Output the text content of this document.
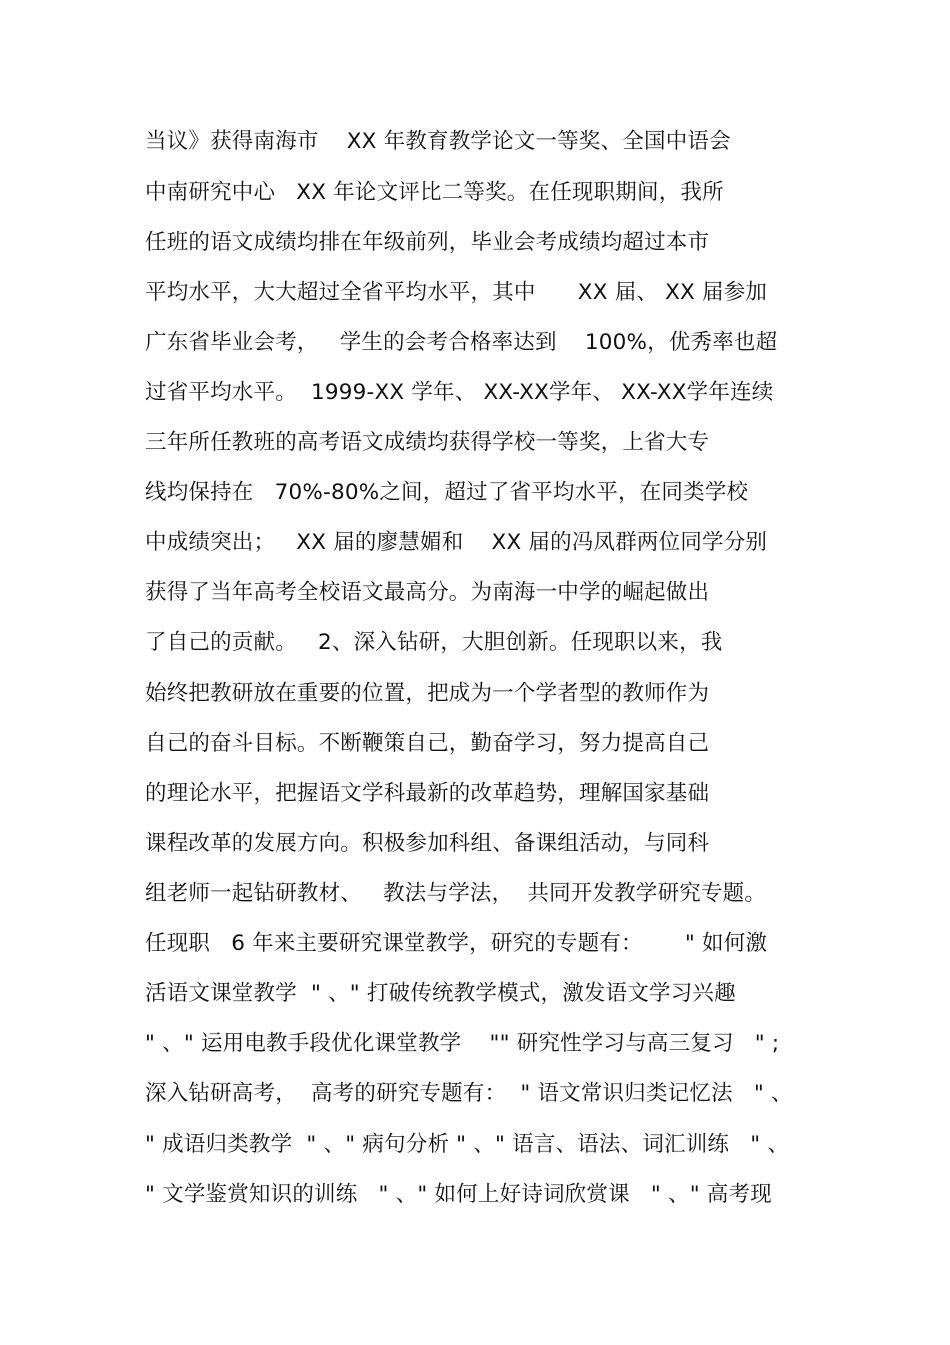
当议》获得南海市    XX 年教育教学论文一等奖、全国中语会
中南研究中心   XX 年论文评比二等奖。在任现职期间，我所
任班的语文成绩均排在年级前列，毕业会考成绩均超过本市
平均水平，大大超过全省平均水平，其中      XX 届、 XX 届参加
广东省毕业会考，   学生的会考合格率达到    100%，优秀率也超
过省平均水平。  1999-XX 学年、 XX-XX学年、 XX-XX学年连续
三年所任教班的高考语文成绩均获得学校一等奖，上省大专
线均保持在   70%-80%之间，超过了省平均水平，在同类学校
中成绩突出；   XX 届的廖慧媚和    XX 届的冯凤群两位同学分别
获得了当年高考全校语文最高分。为南海一中学的崛起做出
了自己的贡献。   2、深入钻研，大胆创新。任现职以来，我
始终把教研放在重要的位置，把成为一个学者型的教师作为
自己的奋斗目标。不断鞭策自己，勤奋学习，努力提高自己
的理论水平，把握语文学科最新的改革趋势，理解国家基础
课程改革的发展方向。积极参加科组、备课组活动，与同科
组老师一起钻研教材、   教法与学法，  共同开发教学研究专题。
任现职   6 年来主要研究课堂教学，研究的专题有：      " 如何激
活语文课堂教学  " 、" 打破传统教学模式，激发语文学习兴趣
" 、" 运用电教手段优化课堂教学    "" 研究性学习与高三复习   " ;
深入钻研高考，  高考的研究专题有：  " 语文常识归类记忆法   " 、
" 成语归类教学  " 、" 病句分析 " 、" 语言、语法、词汇训练   " 、
" 文学鉴赏知识的训练   " 、" 如何上好诗词欣赏课   " 、" 高考现
